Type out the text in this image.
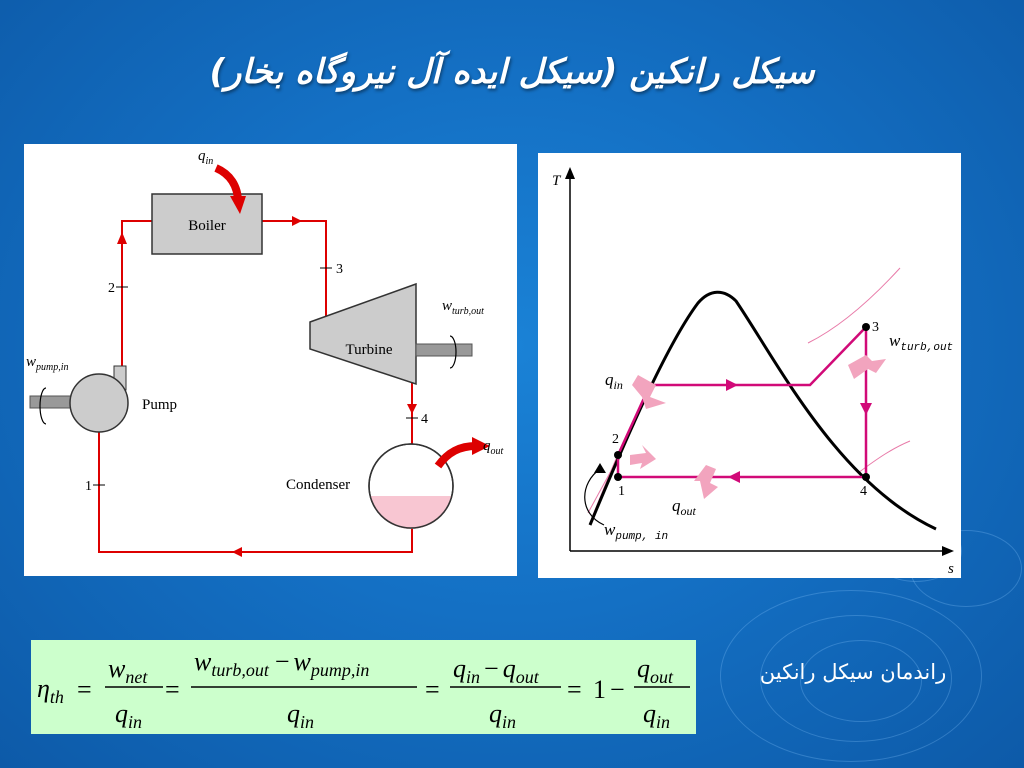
سیکل رانکین (سیکل ایده آل نیروگاه بخار)
Boiler
Turbine
Pump
Condenser
$q_{in}$
$q_{out}$
$w_{turb,out}$
$w_{pump,in}$
2
3
4
1
T
s
$q_{in}$
$q_{out}$
$w_{turb,out}$
$w_{pump, in}$
2
1
3
4
$\eta_{th}$ =
$w_{net}$
$q_{in}$
=
$w_{turb,out} - w_{pump,in}$
$q_{in}$
=
$q_{in} - q_{out}$
$q_{in}$
= 1 −
$q_{out}$
$q_{in}$
راندمان سیکل رانکین
